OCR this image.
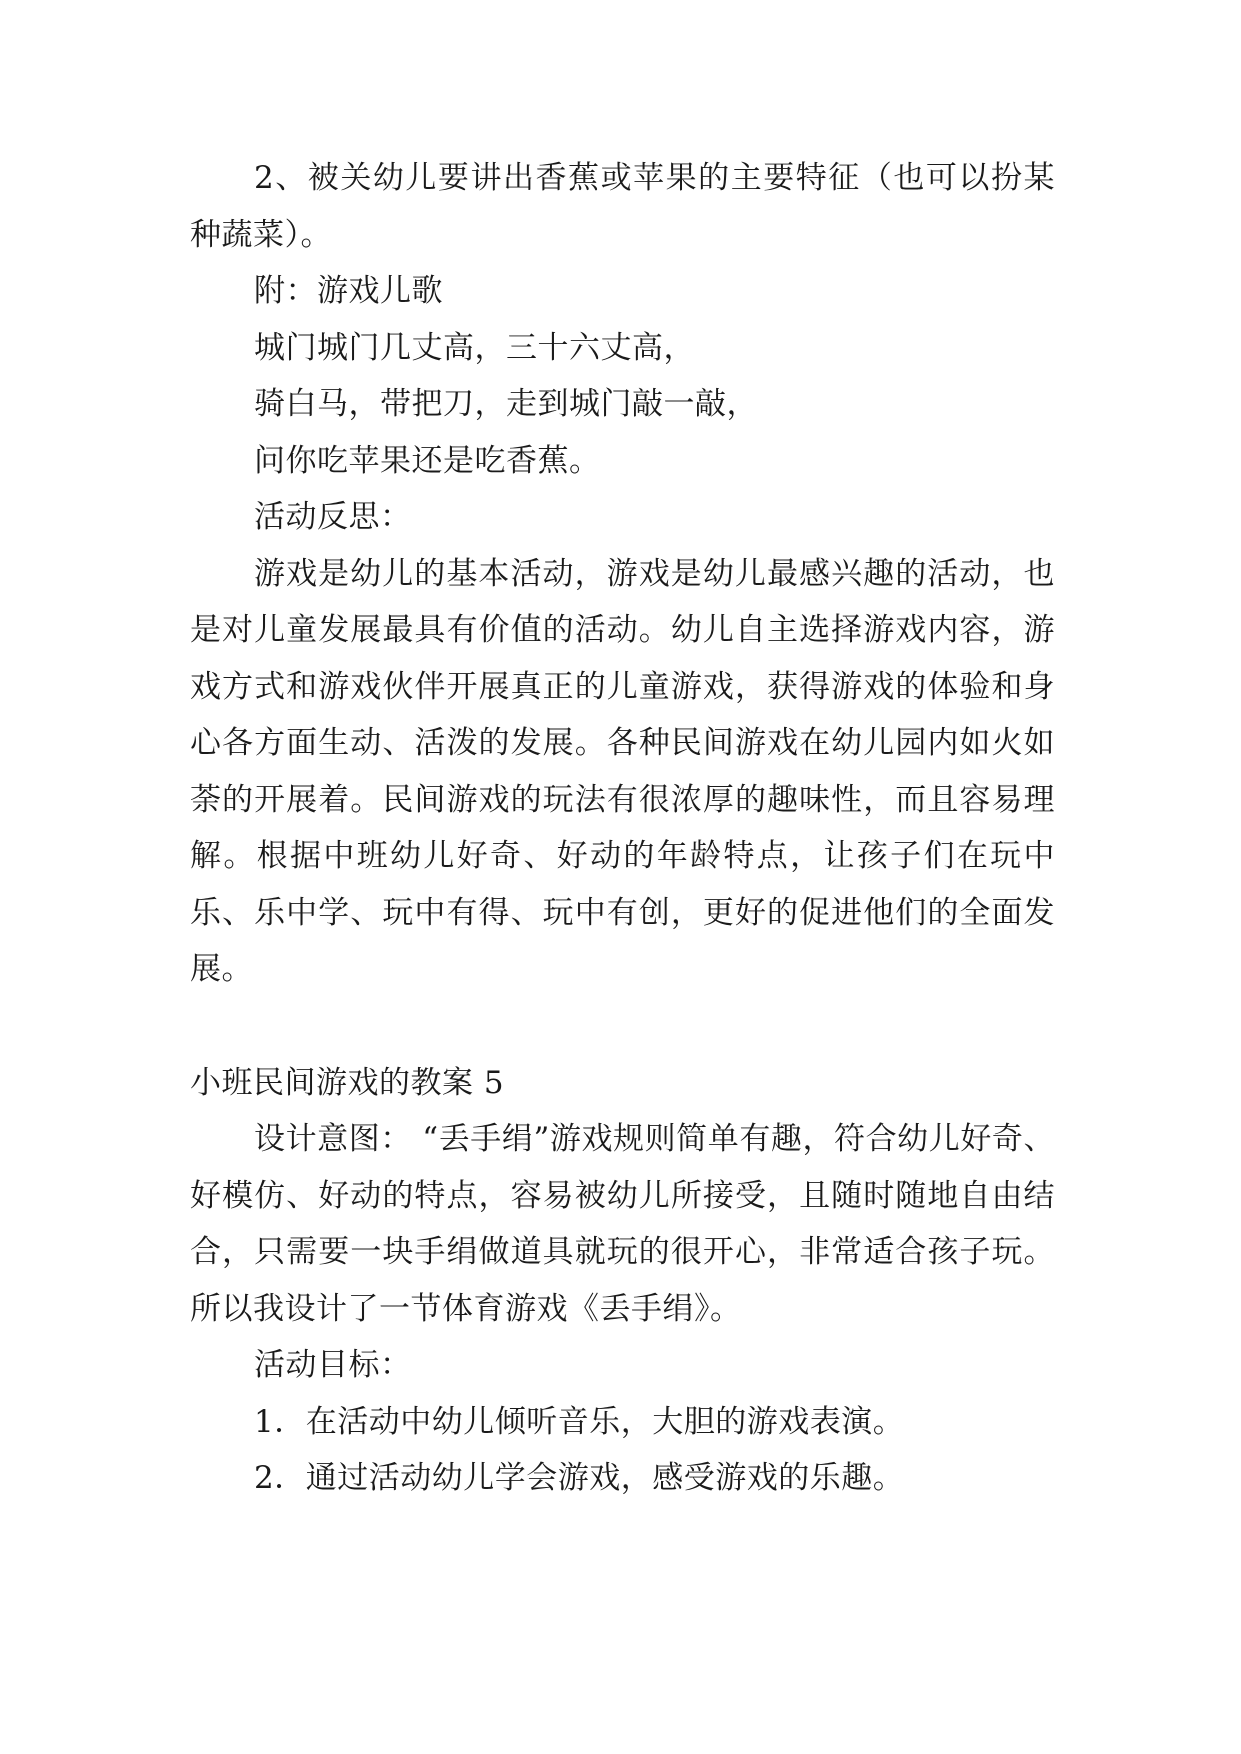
2、被关幼儿要讲出香蕉或苹果的主要特征（也可以扮某种蔬菜）。

附：游戏儿歌

城门城门几丈高，三十六丈高，

骑白马，带把刀，走到城门敲一敲，

问你吃苹果还是吃香蕉。

活动反思：

游戏是幼儿的基本活动，游戏是幼儿最感兴趣的活动，也是对儿童发展最具有价值的活动。幼儿自主选择游戏内容，游戏方式和游戏伙伴开展真正的儿童游戏，获得游戏的体验和身心各方面生动、活泼的发展。各种民间游戏在幼儿园内如火如荼的开展着。民间游戏的玩法有很浓厚的趣味性，而且容易理解。根据中班幼儿好奇、好动的年龄特点，让孩子们在玩中乐、乐中学、玩中有得、玩中有创，更好的促进他们的全面发展。

小班民间游戏的教案 5

设计意图： “丢手绢”游戏规则简单有趣，符合幼儿好奇、好模仿、好动的特点，容易被幼儿所接受，且随时随地自由结合，只需要一块手绢做道具就玩的很开心，非常适合孩子玩。所以我设计了一节体育游戏《丢手绢》。

活动目标：

1．在活动中幼儿倾听音乐，大胆的游戏表演。

2．通过活动幼儿学会游戏，感受游戏的乐趣。
